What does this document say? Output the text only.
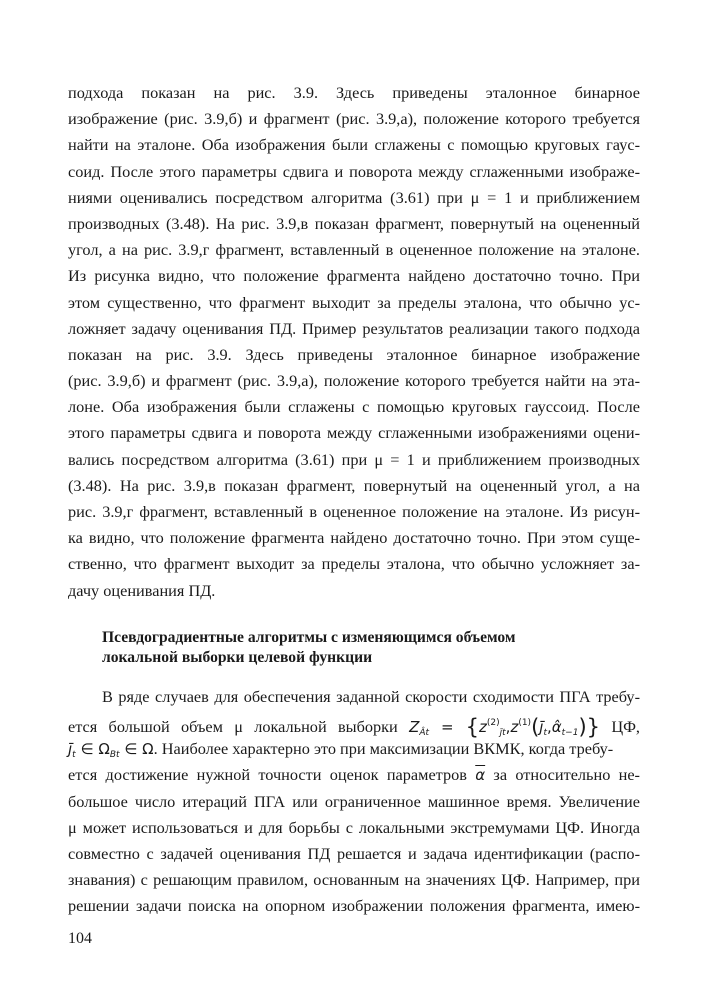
подхода показан на рис. 3.9. Здесь приведены эталонное бинарное
изображение (рис. 3.9,б) и фрагмент (рис. 3.9,а), положение которого требуется
найти на эталоне. Оба изображения были сглажены с помощью круговых гаус-
соид. После этого параметры сдвига и поворота между сглаженными изображе-
ниями оценивались посредством алгоритма (3.61) при μ = 1 и приближением
производных (3.48). На рис. 3.9,в показан фрагмент, повернутый на оцененный
угол, а на рис. 3.9,г фрагмент, вставленный в оцененное положение на эталоне.
Из рисунка видно, что положение фрагмента найдено достаточно точно. При
этом существенно, что фрагмент выходит за пределы эталона, что обычно ус-
ложняет задачу оценивания ПД. Пример результатов реализации такого подхода
показан на рис. 3.9. Здесь приведены эталонное бинарное изображение
(рис. 3.9,б) и фрагмент (рис. 3.9,а), положение которого требуется найти на эта-
лоне. Оба изображения были сглажены с помощью круговых гауссоид. После
этого параметры сдвига и поворота между сглаженными изображениями оцени-
вались посредством алгоритма (3.61) при μ = 1 и приближением производных
(3.48). На рис. 3.9,в показан фрагмент, повернутый на оцененный угол, а на
рис. 3.9,г фрагмент, вставленный в оцененное положение на эталоне. Из рисун-
ка видно, что положение фрагмента найдено достаточно точно. При этом суще-
ственно, что фрагмент выходит за пределы эталона, что обычно усложняет за-
дачу оценивания ПД.
Псевдоградиентные алгоритмы с изменяющимся объемом
локальной выборки целевой функции
В ряде случаев для обеспечения заданной скорости сходимости ПГА требу-
ется большой объем μ локальной выборки $Z_{Ât}$ = $\{z^{(2)}_{j̄t},z^{(1)}(j̄_t,\alphâ_{t-1})\}$ ЦФ,
$j̄_t$ ∈ $\Omega_{Bt}$ ∈ Ω. Наиболее характерно это при максимизации ВКМК, когда требу-
ется достижение нужной точности оценок параметров $\overline{\alpha}$ за относительно не-
большое число итераций ПГА или ограниченное машинное время. Увеличение
μ может использоваться и для борьбы с локальными экстремумами ЦФ. Иногда
совместно с задачей оценивания ПД решается и задача идентификации (распо-
знавания) с решающим правилом, основанным на значениях ЦФ. Например, при
решении задачи поиска на опорном изображении положения фрагмента, имею-
104
